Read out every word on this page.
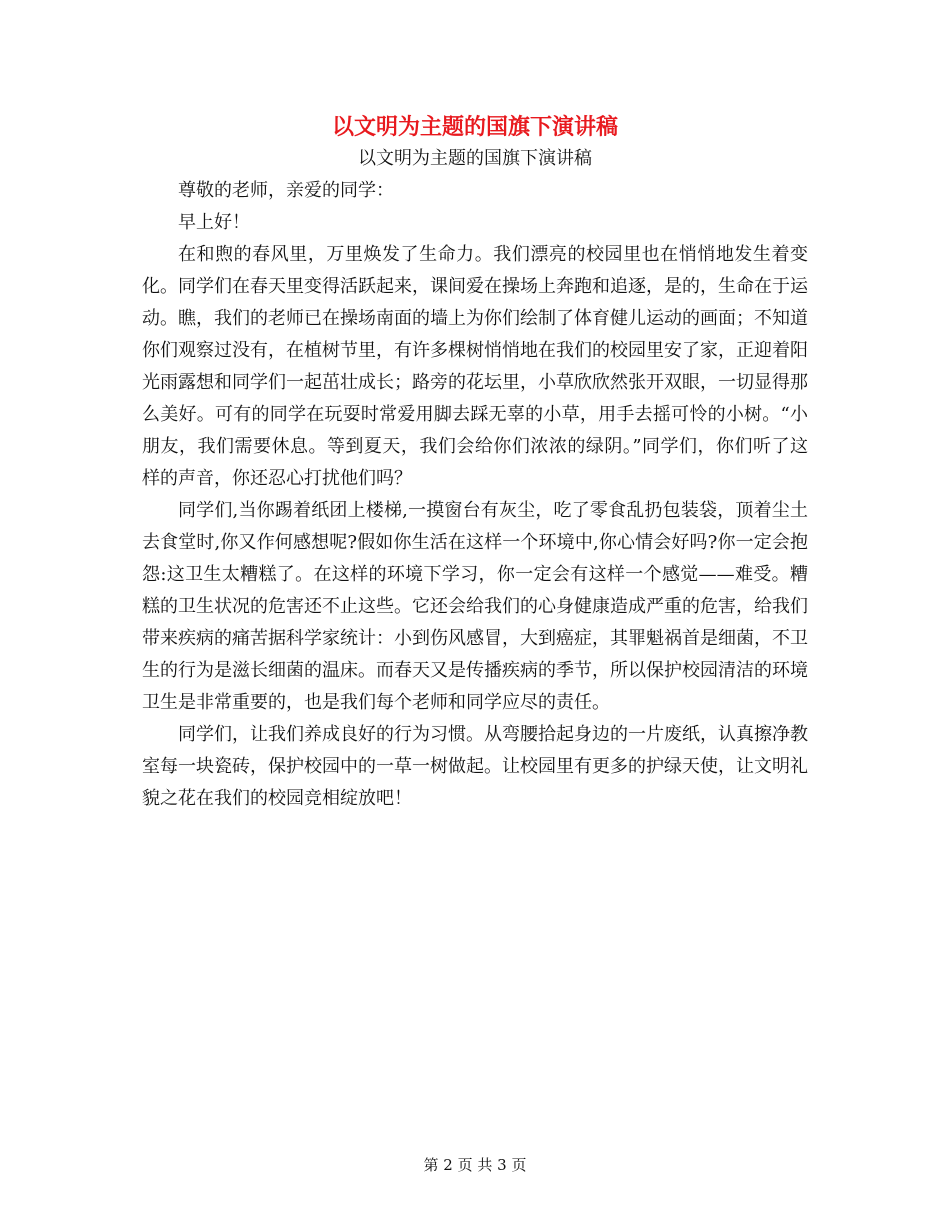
以文明为主题的国旗下演讲稿

以文明为主题的国旗下演讲稿

尊敬的老师，亲爱的同学：

早上好！

在和煦的春风里，万里焕发了生命力。我们漂亮的校园里也在悄悄地发生着变化。同学们在春天里变得活跃起来，课间爱在操场上奔跑和追逐，是的，生命在于运动。瞧，我们的老师已在操场南面的墙上为你们绘制了体育健儿运动的画面；不知道你们观察过没有，在植树节里，有许多棵树悄悄地在我们的校园里安了家，正迎着阳光雨露想和同学们一起茁壮成长；路旁的花坛里，小草欣欣然张开双眼，一切显得那么美好。可有的同学在玩耍时常爱用脚去踩无辜的小草，用手去摇可怜的小树。“小朋友，我们需要休息。等到夏天，我们会给你们浓浓的绿阴。”同学们，你们听了这样的声音，你还忍心打扰他们吗？

同学们,当你踢着纸团上楼梯,一摸窗台有灰尘，吃了零食乱扔包装袋，顶着尘土去食堂时,你又作何感想呢?假如你生活在这样一个环境中,你心情会好吗?你一定会抱怨:这卫生太糟糕了。在这样的环境下学习，你一定会有这样一个感觉——难受。糟糕的卫生状况的危害还不止这些。它还会给我们的心身健康造成严重的危害，给我们带来疾病的痛苦据科学家统计：小到伤风感冒，大到癌症，其罪魁祸首是细菌，不卫生的行为是滋长细菌的温床。而春天又是传播疾病的季节，所以保护校园清洁的环境卫生是非常重要的，也是我们每个老师和同学应尽的责任。

同学们，让我们养成良好的行为习惯。从弯腰拾起身边的一片废纸，认真擦净教室每一块瓷砖，保护校园中的一草一树做起。让校园里有更多的护绿天使，让文明礼貌之花在我们的校园竞相绽放吧！

第 2 页 共 3 页
